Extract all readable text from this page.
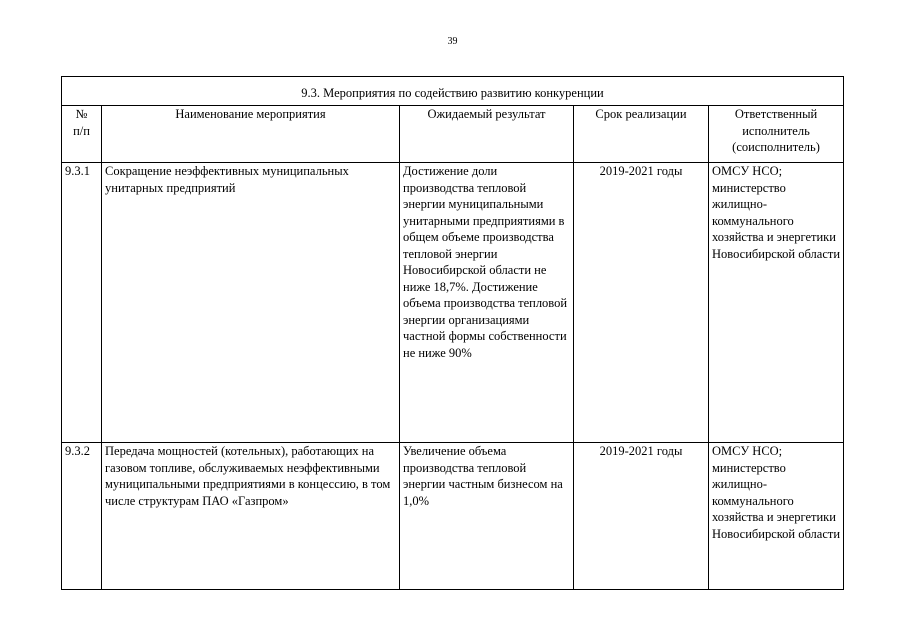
39
9.3. Мероприятия по содействию развитию конкуренции				
№
п/п	Наименование мероприятия	Ожидаемый результат	Срок реализации	Ответственный исполнитель (соисполнитель)
9.3.1	Сокращение неэффективных муниципальных унитарных предприятий	Достижение доли производства тепловой энергии муниципальными унитарными предприятиями в общем объеме производства тепловой энергии Новосибирской области не ниже 18,7%. Достижение объема производства тепловой энергии организациями частной формы собственности не ниже 90%	2019-2021 годы	ОМСУ НСО; министерство жилищно-коммунального хозяйства и энергетики Новосибирской области
9.3.2	Передача мощностей (котельных), работающих на газовом топливе, обслуживаемых неэффективными муниципальными предприятиями в концессию, в том числе структурам ПАО «Газпром»	Увеличение объема производства тепловой энергии частным бизнесом на 1,0%	2019-2021 годы	ОМСУ НСО; министерство жилищно-коммунального хозяйства и энергетики Новосибирской области
